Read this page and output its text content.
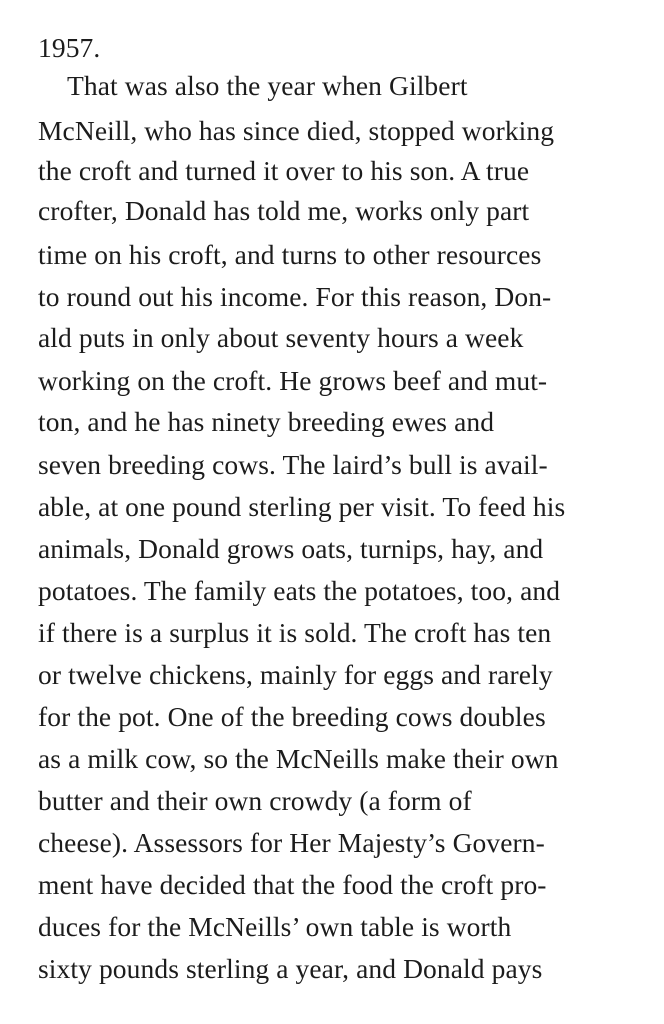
1957.
That was also the year when Gilbert
McNeill, who has since died, stopped working
the croft and turned it over to his son. A true
crofter, Donald has told me, works only part
time on his croft, and turns to other resources
to round out his income. For this reason, Don-
ald puts in only about seventy hours a week
working on the croft. He grows beef and mut-
ton, and he has ninety breeding ewes and
seven breeding cows. The laird’s bull is avail-
able, at one pound sterling per visit. To feed his
animals, Donald grows oats, turnips, hay, and
potatoes. The family eats the potatoes, too, and
if there is a surplus it is sold. The croft has ten
or twelve chickens, mainly for eggs and rarely
for the pot. One of the breeding cows doubles
as a milk cow, so the McNeills make their own
butter and their own crowdy (a form of
cheese). Assessors for Her Majesty’s Govern-
ment have decided that the food the croft pro-
duces for the McNeills’ own table is worth
sixty pounds sterling a year, and Donald pays
